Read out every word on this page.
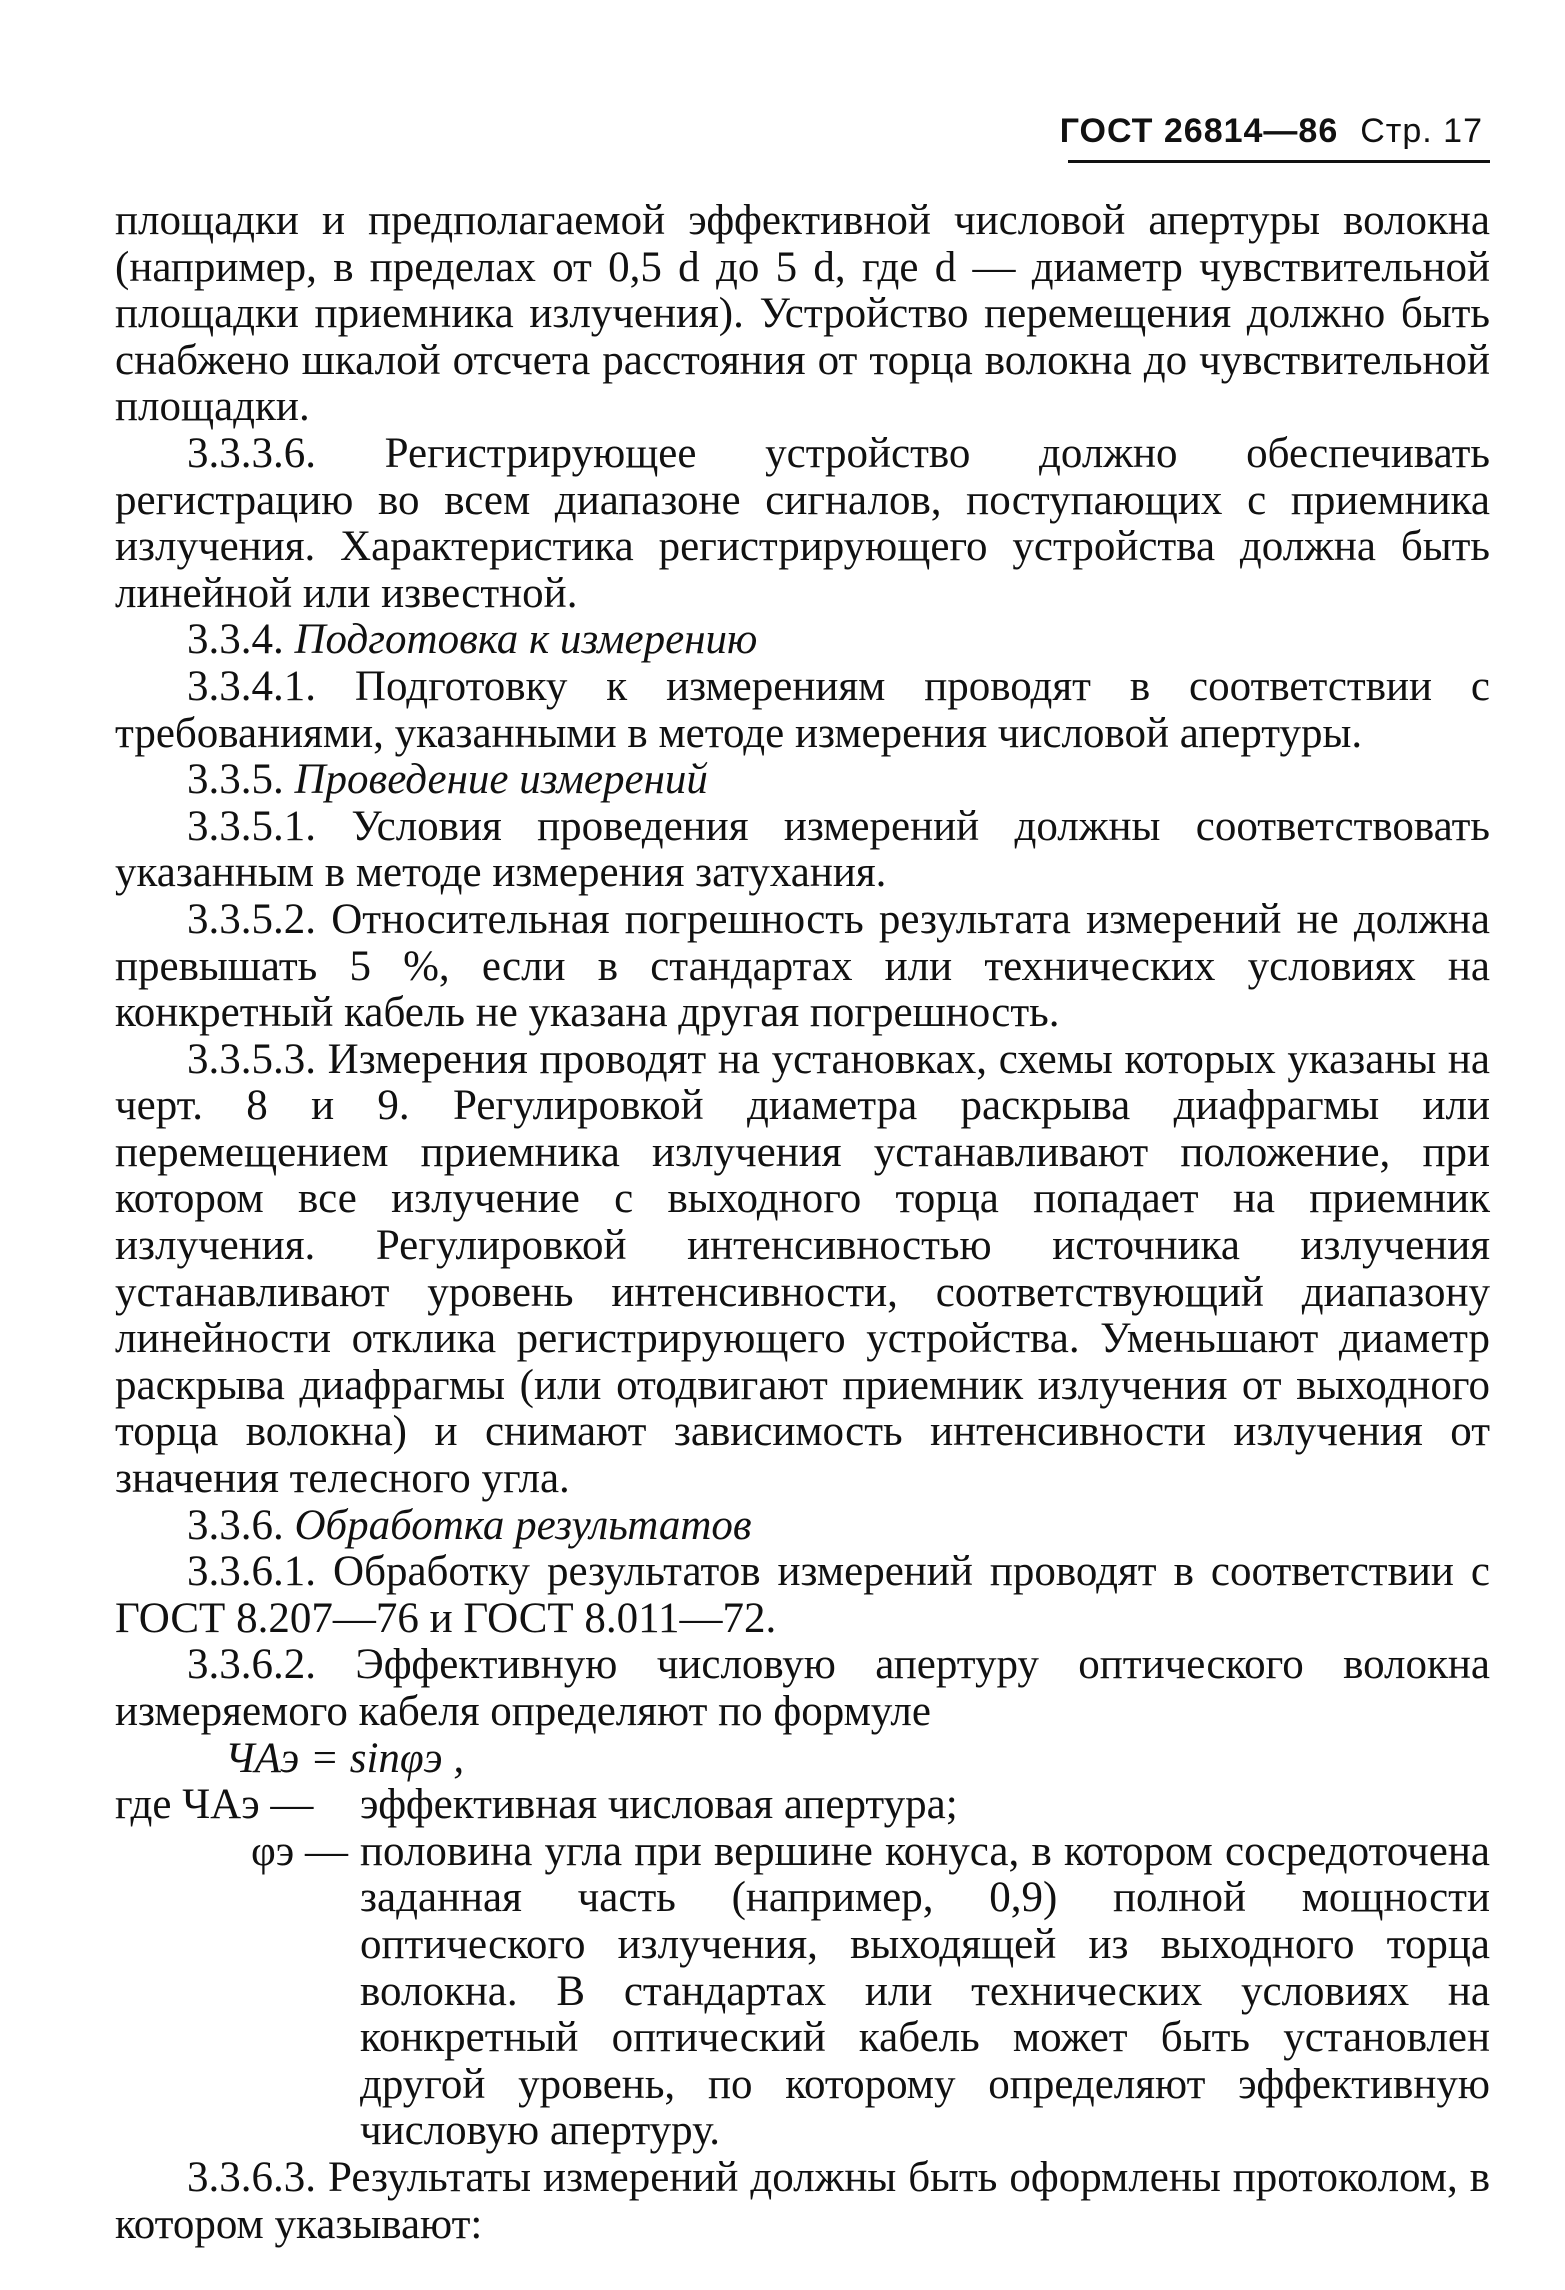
ГОСТ 26814—86 Стр. 17

площадки и предполагаемой эффективной числовой апертуры волокна (например, в пределах от 0,5 d до 5 d, где d — диаметр чувствительной площадки приемника излучения). Устройство перемещения должно быть снабжено шкалой отсчета расстояния от торца волокна до чувствительной площадки.

3.3.3.6. Регистрирующее устройство должно обеспечивать регистрацию во всем диапазоне сигналов, поступающих с приемника излучения. Характеристика регистрирующего устройства должна быть линейной или известной.

3.3.4. Подготовка к измерению

3.3.4.1. Подготовку к измерениям проводят в соответствии с требованиями, указанными в методе измерения числовой апертуры.

3.3.5. Проведение измерений

3.3.5.1. Условия проведения измерений должны соответствовать указанным в методе измерения затухания.

3.3.5.2. Относительная погрешность результата измерений не должна превышать 5 %, если в стандартах или технических условиях на конкретный кабель не указана другая погрешность.

3.3.5.3. Измерения проводят на установках, схемы которых указаны на черт. 8 и 9. Регулировкой диаметра раскрыва диафрагмы или перемещением приемника излучения устанавливают положение, при котором все излучение с выходного торца попадает на приемник излучения. Регулировкой интенсивностью источника излучения устанавливают уровень интенсивности, соответствующий диапазону линейности отклика регистрирующего устройства. Уменьшают диаметр раскрыва диафрагмы (или отодвигают приемник излучения от выходного торца волокна) и снимают зависимость интенсивности излучения от значения телесного угла.

3.3.6. Обработка результатов

3.3.6.1. Обработку результатов измерений проводят в соответствии с ГОСТ 8.207—76 и ГОСТ 8.011—72.

3.3.6.2. Эффективную числовую апертуру оптического волокна измеряемого кабеля определяют по формуле

ЧАэ = sinφэ ,

где ЧАэ —	эффективная числовая апертура;
φэ — половина угла при вершине конуса, в котором сосредоточена заданная часть (например, 0,9) полной мощности оптического излучения, выходящей из выходного торца волокна. В стандартах или технических условиях на конкретный оптический кабель может быть установлен другой уровень, по которому определяют эффективную числовую апертуру.

3.3.6.3. Результаты измерений должны быть оформлены протоколом, в котором указывают:
